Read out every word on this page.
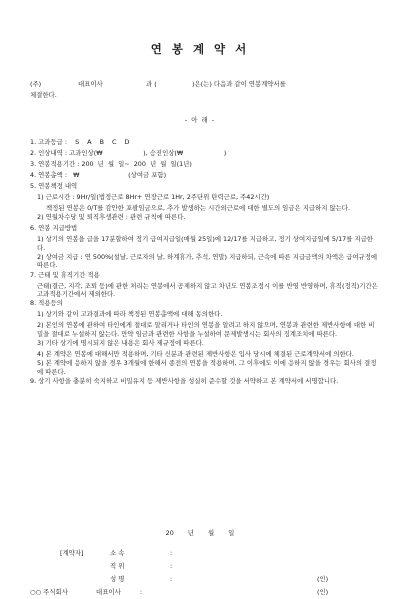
연 봉 계 약 서
(주)	대표이사	과 (	)은(는) 다음과 같이 연봉계약서를
체결한다.
- 아 래 -
1. 고과등급 : S A B C D
2. 인상내역 : 고과인상(₩                    ), 승진인상(₩                    )
3. 연봉적용기간 : 200  년  월  일~  200  년  월  일(1년)
4. 연봉총액 :   ₩                        (상여금 포함)
5. 연봉책정 내역
1) 근로시간 : 9Hr/일(법정근로 8Hr+ 연장근로 1Hr, 2주단위 탄력근로, 주42시간)
책정된 연봉은 0/T를 감안한 포괄임금으로, 추가 발생하는 시간외근로에 대한 별도의 임금은 지급하지 않는다.
2) 연월차수당 및 퇴직후생관련 : 관련 규칙에 따른다.
6. 연봉 지급방법
1) 상기의 연봉을 급을 17분할하여 정기 급여지급일(매월 25일)에 12/17를 지급하고, 정기 상여지급일에 5/17를 지급한다.
2) 상여금 지급 : 연 500%(설날, 근로자의 날, 하계휴가, 추석, 연말) 지급하되, 근속에 따른 지급금액의 차액은 급여규정에 따른다.
7. 근태 및 휴직기간 적용
근태(결근, 지각, 조퇴 등)에 관한 처리는 연봉에서 공제하지 않고 차년도 연봉조정시 이를 반영 반영하며, 휴직(정직)기간은 고과적용기간에서 제외한다.
8. 적용등의
1) 상기와 같이 고과결과에 따라 책정된 연봉총액에 대해 동의한다.
2) 본인의 연봉에 관하여 타인에게 절대로 알리거나 타인의 연봉을 알려고 하지 않으며, 연봉과 관련한 제반사항에 대한 비밀을 절대로 누설하지 않는다. 만약 임금과 관련한 사항을 누설하여 문제발생시는 회사의 징계조치에 따른다.
3) 기타 상기에 명시되지 않은 내용은 회사 제규정에 따른다.
4) 본 계약은 연봉에 대해서만 적용하며, 기타 신분과 관련된 제반사항은 입사 당시에 체결된 근로계약서에 의한다.
5) 본 계약에 응하지 않을 경우 3개월에 한해서 종전의 연봉을 적용하며, 그 이후에도 이에 응하지 않을 경우는 회사의 결정에 따른다.
9. 상기 사항을 충분히 숙지하고 비밀유지 등 제반사항을 성실히 준수할 것을 서약하고 본 계약서에 서명합니다.
20 년 월 일
[계약자]	소 속	:
직 위	:
성 명	:	(인)
○○ 주식회사	대표이사	:	(인)
